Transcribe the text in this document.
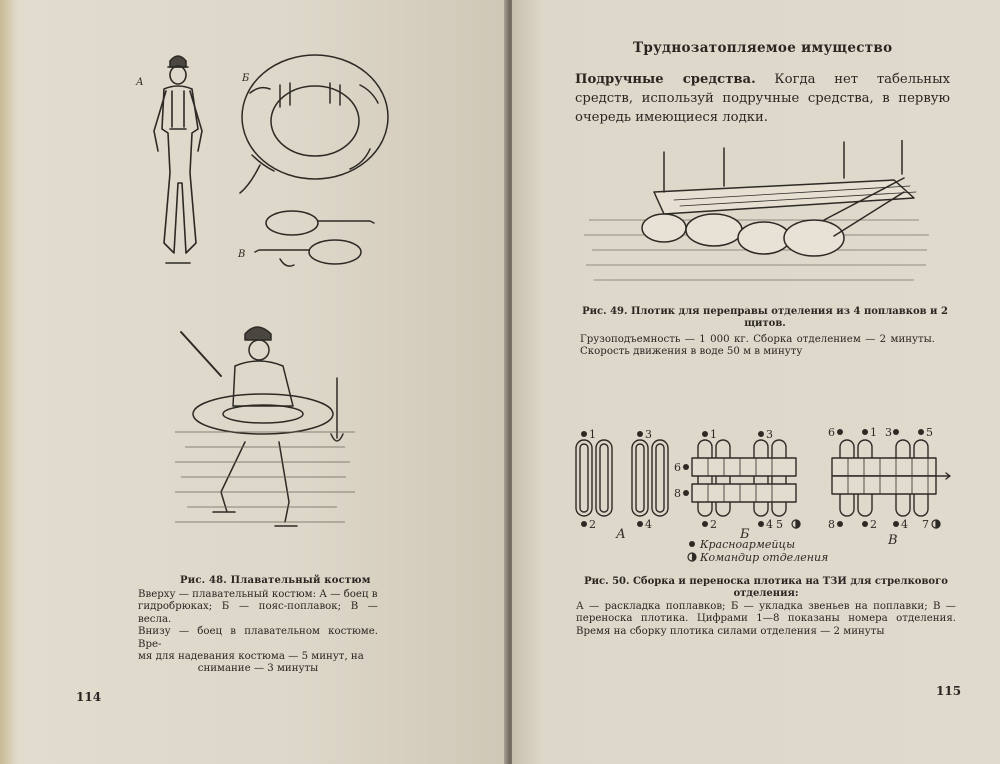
А	Б
В

Рис. 48. Плавательный костюм

Вверху — плавательный костюм: А — боец в
гидробрюках; Б — пояс-поплавок; В — весла.
Внизу — боец в плавательном костюме. Вре-
мя для надевания костюма — 5 минут, на
снимание — 3 минуты

114

Труднозатопляемое имущество

Подручные средства. Когда нет табельных средств, используй подручные средства, в первую очередь имеющиеся лодки.

Рис. 49. Плотик для переправы отделения из 4 поплавков и 2 щитов.

Грузоподъемность — 1 000 кг. Сборка отделением — 2 минуты. Скорость движения в воде 50 м в минуту

1	3
2	4
1	3
6
8
2	4 5
6	1 3	5
8	2 4 7
А	Б	В
Красноармейцы
Командир отделения

Рис. 50. Сборка и переноска плотика на ТЗИ для стрелкового отделения:

А — раскладка поплавков; Б — укладка звеньев на поплавки; В — переноска плотика. Цифрами 1—8 показаны номера отделения. Время на сборку плотика силами отделения — 2 минуты

115
